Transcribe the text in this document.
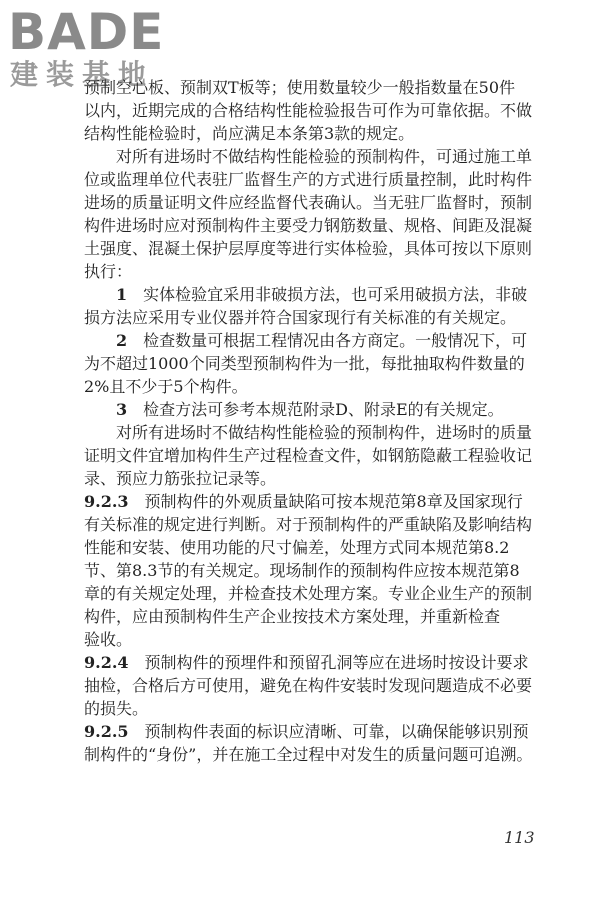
BADE
建装基地
预制空心板、预制双T板等；使用数量较少一般指数量在50件
以内，近期完成的合格结构性能检验报告可作为可靠依据。不做
结构性能检验时，尚应满足本条第3款的规定。
对所有进场时不做结构性能检验的预制构件，可通过施工单
位或监理单位代表驻厂监督生产的方式进行质量控制，此时构件
进场的质量证明文件应经监督代表确认。当无驻厂监督时，预制
构件进场时应对预制构件主要受力钢筋数量、规格、间距及混凝
土强度、混凝土保护层厚度等进行实体检验，具体可按以下原则
执行：
1  实体检验宜采用非破损方法，也可采用破损方法，非破
损方法应采用专业仪器并符合国家现行有关标准的有关规定。
2  检查数量可根据工程情况由各方商定。一般情况下，可
为不超过1000个同类型预制构件为一批，每批抽取构件数量的
2%且不少于5个构件。
3  检查方法可参考本规范附录D、附录E的有关规定。
对所有进场时不做结构性能检验的预制构件，进场时的质量
证明文件宜增加构件生产过程检查文件，如钢筋隐蔽工程验收记
录、预应力筋张拉记录等。
9.2.3  预制构件的外观质量缺陷可按本规范第8章及国家现行
有关标准的规定进行判断。对于预制构件的严重缺陷及影响结构
性能和安装、使用功能的尺寸偏差，处理方式同本规范第8.2
节、第8.3节的有关规定。现场制作的预制构件应按本规范第8
章的有关规定处理，并检查技术处理方案。专业企业生产的预制
构件，应由预制构件生产企业按技术方案处理，并重新检查
验收。
9.2.4  预制构件的预埋件和预留孔洞等应在进场时按设计要求
抽检，合格后方可使用，避免在构件安装时发现问题造成不必要
的损失。
9.2.5  预制构件表面的标识应清晰、可靠，以确保能够识别预
制构件的“身份”，并在施工全过程中对发生的质量问题可追溯。
113
